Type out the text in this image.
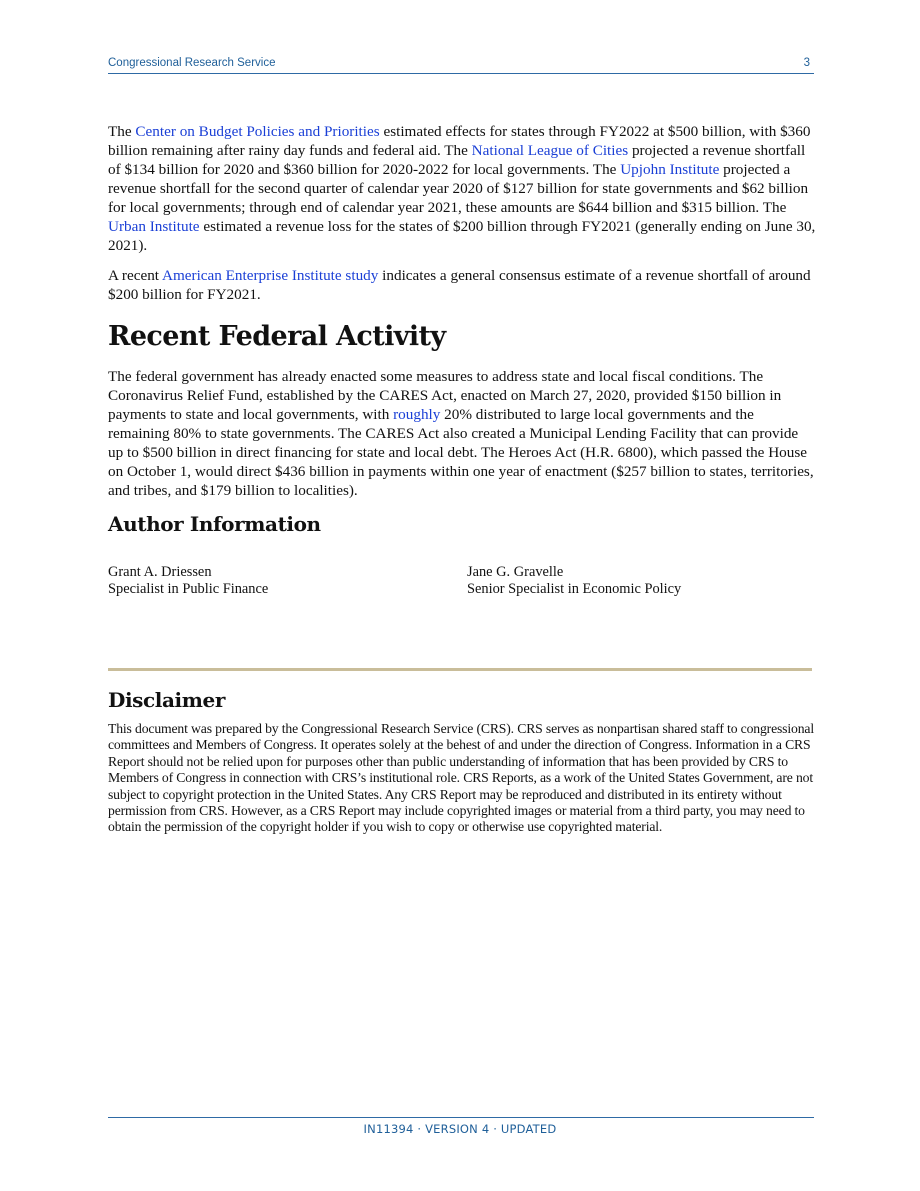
Congressional Research Service	3

The Center on Budget Policies and Priorities estimated effects for states through FY2022 at $500 billion, with $360 billion remaining after rainy day funds and federal aid. The National League of Cities projected a revenue shortfall of $134 billion for 2020 and $360 billion for 2020-2022 for local governments. The Upjohn Institute projected a revenue shortfall for the second quarter of calendar year 2020 of $127 billion for state governments and $62 billion for local governments; through end of calendar year 2021, these amounts are $644 billion and $315 billion. The Urban Institute estimated a revenue loss for the states of $200 billion through FY2021 (generally ending on June 30, 2021).

A recent American Enterprise Institute study indicates a general consensus estimate of a revenue shortfall of around $200 billion for FY2021.

Recent Federal Activity

The federal government has already enacted some measures to address state and local fiscal conditions. The Coronavirus Relief Fund, established by the CARES Act, enacted on March 27, 2020, provided $150 billion in payments to state and local governments, with roughly 20% distributed to large local governments and the remaining 80% to state governments. The CARES Act also created a Municipal Lending Facility that can provide up to $500 billion in direct financing for state and local debt. The Heroes Act (H.R. 6800), which passed the House on October 1, would direct $436 billion in payments within one year of enactment ($257 billion to states, territories, and tribes, and $179 billion to localities).

Author Information
Grant A. Driessen
Specialist in Public Finance
Jane G. Gravelle
Senior Specialist in Economic Policy
Disclaimer
This document was prepared by the Congressional Research Service (CRS). CRS serves as nonpartisan shared staff to congressional committees and Members of Congress. It operates solely at the behest of and under the direction of Congress. Information in a CRS Report should not be relied upon for purposes other than public understanding of information that has been provided by CRS to Members of Congress in connection with CRS’s institutional role. CRS Reports, as a work of the United States Government, are not subject to copyright protection in the United States. Any CRS Report may be reproduced and distributed in its entirety without permission from CRS. However, as a CRS Report may include copyrighted images or material from a third party, you may need to obtain the permission of the copyright holder if you wish to copy or otherwise use copyrighted material.
IN11394 · VERSION 4 · UPDATED
